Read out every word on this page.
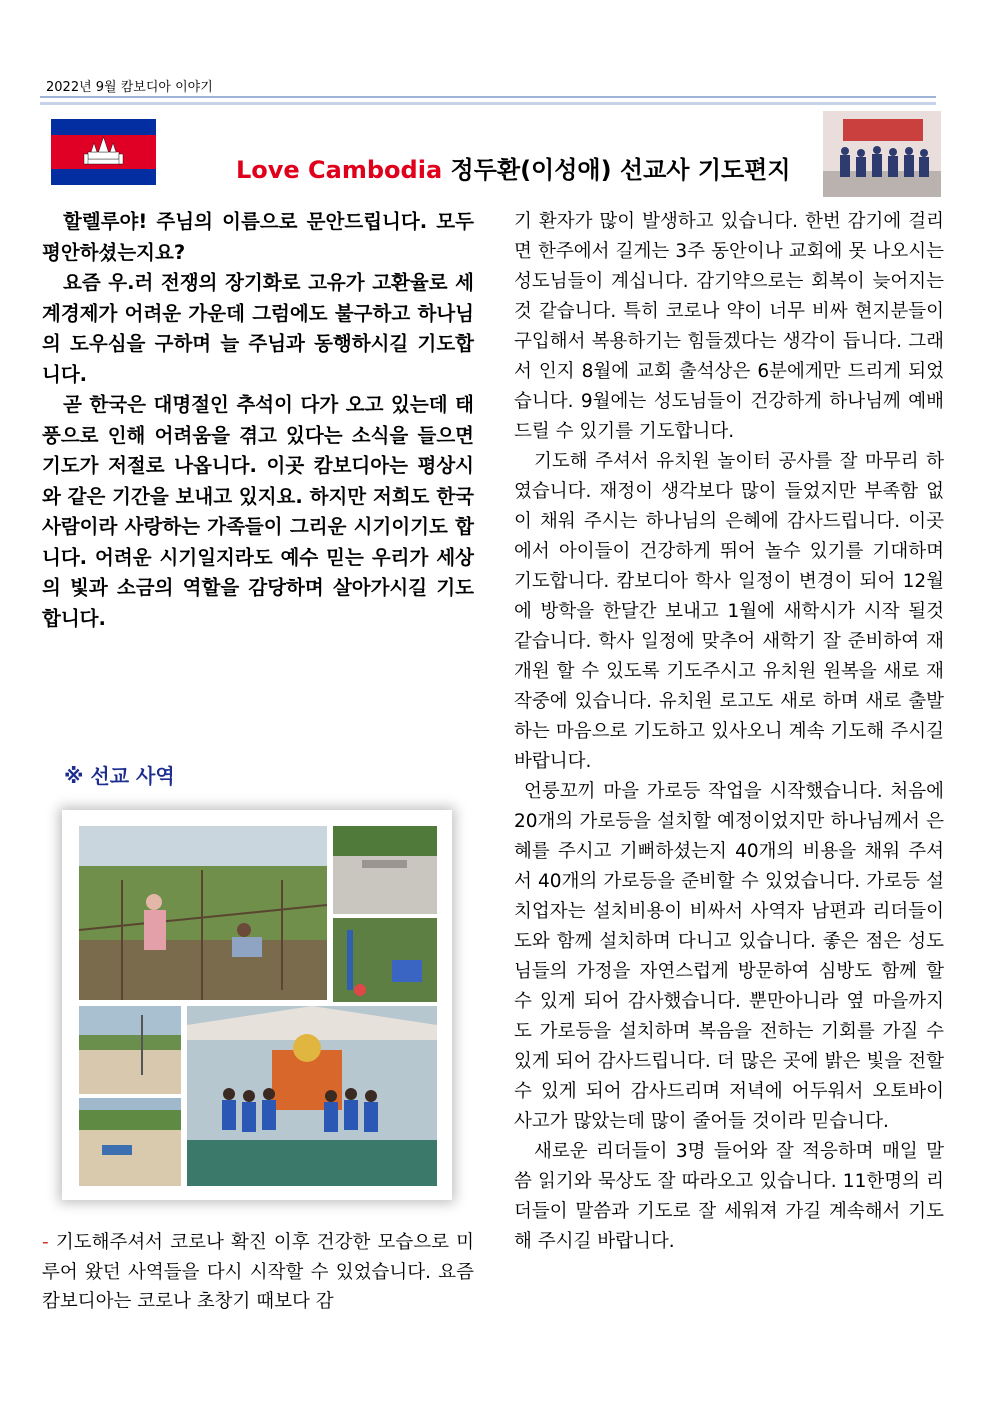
2022년 9월 캄보디아 이야기
Love Cambodia 정두환(이성애) 선교사 기도편지

할렐루야! 주님의 이름으로 문안드립니다. 모두 평안하셨는지요?

요즘 우.러 전쟁의 장기화로 고유가 고환율로 세계경제가 어려운 가운데 그럼에도 불구하고 하나님의 도우심을 구하며 늘 주님과 동행하시길 기도합니다.

곧 한국은 대명절인 추석이 다가 오고 있는데 태풍으로 인해 어려움을 겪고 있다는 소식을 들으면 기도가 저절로 나옵니다. 이곳 캄보디아는 평상시와 같은 기간을 보내고 있지요. 하지만 저희도 한국 사람이라 사랑하는 가족들이 그리운 시기이기도 합니다. 어려운 시기일지라도 예수 믿는 우리가 세상의 빛과 소금의 역할을 감당하며 살아가시길 기도합니다.

※ 선교 사역
- 기도해주셔서 코로나 확진 이후 건강한 모습으로 미루어 왔던 사역들을 다시 시작할 수 있었습니다. 요즘 캄보디아는 코로나 초창기 때보다 감

기 환자가 많이 발생하고 있습니다. 한번 감기에 걸리면 한주에서 길게는 3주 동안이나 교회에 못 나오시는 성도님들이 계십니다. 감기약으로는 회복이 늦어지는 것 같습니다. 특히 코로나 약이 너무 비싸 현지분들이 구입해서 복용하기는 힘들겠다는 생각이 듭니다. 그래서 인지 8월에 교회 출석상은 6분에게만 드리게 되었습니다. 9월에는 성도님들이 건강하게 하나님께 예배 드릴 수 있기를 기도합니다.

기도해 주셔서 유치원 놀이터 공사를 잘 마무리 하였습니다. 재정이 생각보다 많이 들었지만 부족함 없이 채워 주시는 하나님의 은혜에 감사드립니다. 이곳에서 아이들이 건강하게 뛰어 놀수 있기를 기대하며 기도합니다. 캄보디아 학사 일정이 변경이 되어 12월에 방학을 한달간 보내고 1월에 새학시가 시작 될것 같습니다. 학사 일정에 맞추어 새학기 잘 준비하여 재개원 할 수 있도록 기도주시고 유치원 원복을 새로 재작중에 있습니다. 유치원 로고도 새로 하며 새로 출발하는 마음으로 기도하고 있사오니 계속 기도해 주시길 바랍니다.

언룽꼬끼 마을 가로등 작업을 시작했습니다. 처음에 20개의 가로등을 설치할 예정이었지만 하나님께서 은혜를 주시고 기뻐하셨는지 40개의 비용을 채워 주셔서 40개의 가로등을 준비할 수 있었습니다. 가로등 설치업자는 설치비용이 비싸서 사역자 남편과 리더들이 도와 함께 설치하며 다니고 있습니다. 좋은 점은 성도님들의 가정을 자연스럽게 방문하여 심방도 함께 할 수 있게 되어 감사했습니다. 뿐만아니라 옆 마을까지도 가로등을 설치하며 복음을 전하는 기회를 가질 수 있게 되어 감사드립니다. 더 많은 곳에 밝은 빛을 전할 수 있게 되어 감사드리며 저녁에 어두워서 오토바이 사고가 많았는데 많이 줄어들 것이라 믿습니다.

새로운 리더들이 3명 들어와 잘 적응하며 매일 말씀 읽기와 묵상도 잘 따라오고 있습니다. 11한명의 리더들이 말씀과 기도로 잘 세워져 가길 계속해서 기도해 주시길 바랍니다.
